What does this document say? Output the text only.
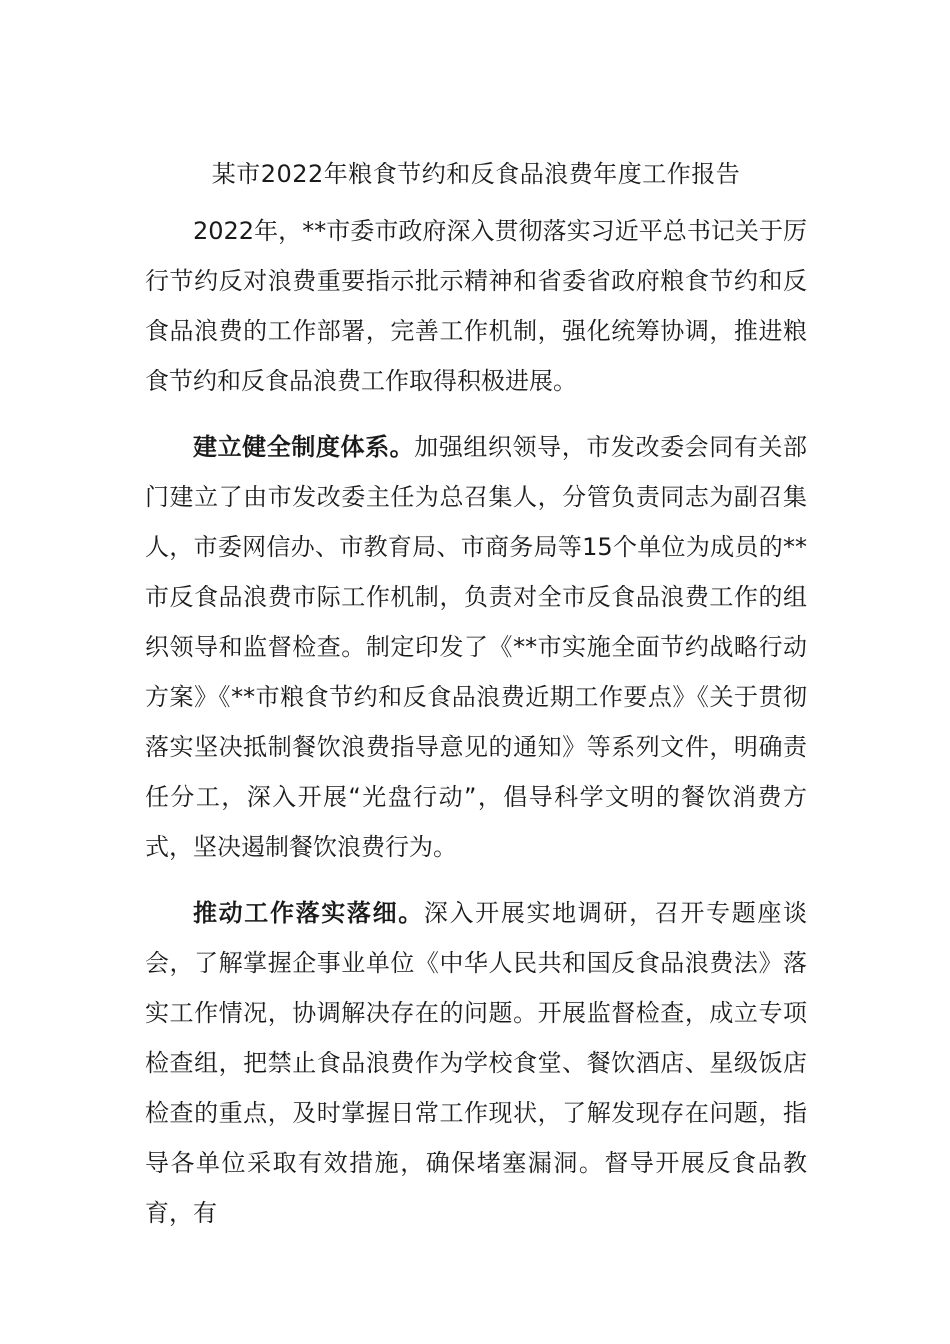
某市2022年粮食节约和反食品浪费年度工作报告

2022年，**市委市政府深入贯彻落实习近平总书记关于厉行节约反对浪费重要指示批示精神和省委省政府粮食节约和反食品浪费的工作部署，完善工作机制，强化统筹协调，推进粮食节约和反食品浪费工作取得积极进展。

建立健全制度体系。加强组织领导，市发改委会同有关部门建立了由市发改委主任为总召集人，分管负责同志为副召集人，市委网信办、市教育局、市商务局等15个单位为成员的**市反食品浪费市际工作机制，负责对全市反食品浪费工作的组织领导和监督检查。制定印发了《**市实施全面节约战略行动方案》《**市粮食节约和反食品浪费近期工作要点》《关于贯彻落实坚决抵制餐饮浪费指导意见的通知》等系列文件，明确责任分工，深入开展“光盘行动”，倡导科学文明的餐饮消费方式，坚决遏制餐饮浪费行为。

推动工作落实落细。深入开展实地调研，召开专题座谈会，了解掌握企事业单位《中华人民共和国反食品浪费法》落实工作情况，协调解决存在的问题。开展监督检查，成立专项检查组，把禁止食品浪费作为学校食堂、餐饮酒店、星级饭店检查的重点，及时掌握日常工作现状，了解发现存在问题，指导各单位采取有效措施，确保堵塞漏洞。督导开展反食品教育，有
